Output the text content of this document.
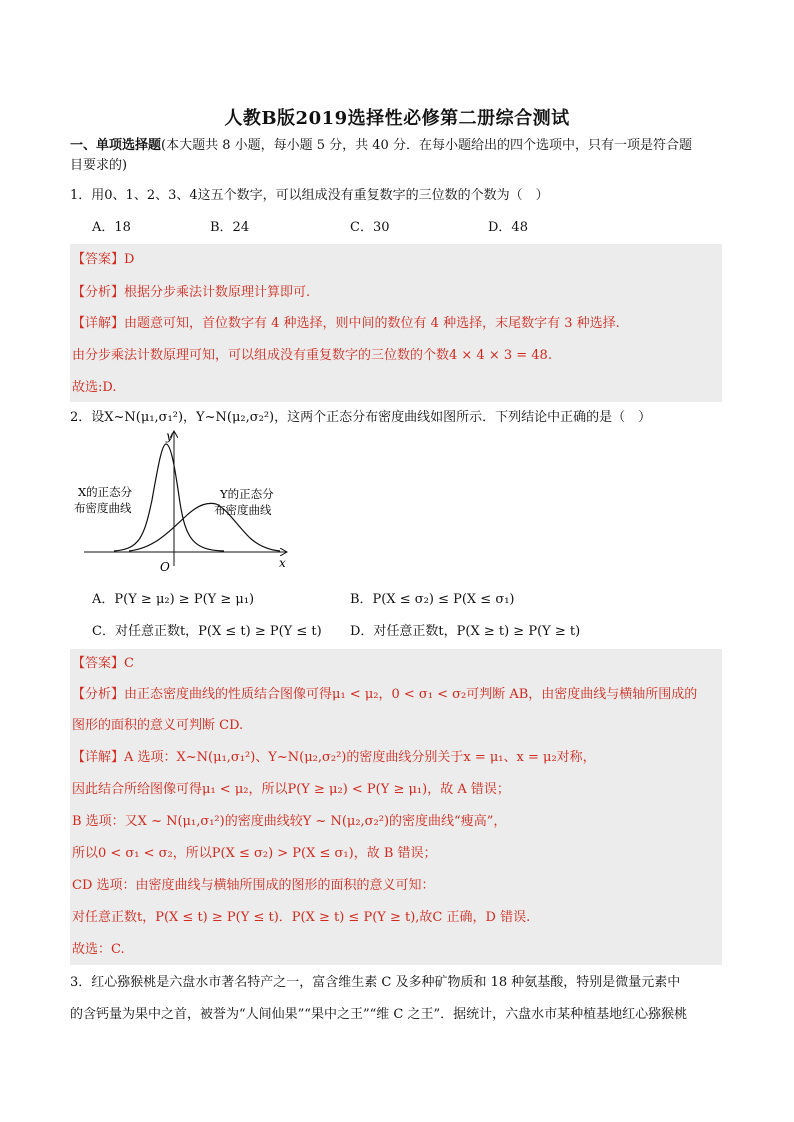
人教B版2019选择性必修第二册综合测试
一、单项选择题(本大题共 8 小题，每小题 5 分，共 40 分．在每小题给出的四个选项中，只有一项是符合题
目要求的)
1．用0、1、2、3、4这五个数字，可以组成没有重复数字的三位数的个数为（　）
A．18	B．24	C．30	D．48
【答案】D
【分析】根据分步乘法计数原理计算即可.
【详解】由题意可知，首位数字有 4 种选择，则中间的数位有 4 种选择，末尾数字有 3 种选择.
由分步乘法计数原理可知，可以组成没有重复数字的三位数的个数4 × 4 × 3 = 48.
故选:D.
2．设X~N(μ₁,σ₁²)，Y~N(μ₂,σ₂²)，这两个正态分布密度曲线如图所示．下列结论中正确的是（　）
y
x
O
X的正态分
布密度曲线
Y的正态分
布密度曲线
A．P(Y ≥ μ₂) ≥ P(Y ≥ μ₁)	B．P(X ≤ σ₂) ≤ P(X ≤ σ₁)
C．对任意正数t，P(X ≤ t) ≥ P(Y ≤ t) D．对任意正数t，P(X ≥ t) ≥ P(Y ≥ t)
【答案】C
【分析】由正态密度曲线的性质结合图像可得μ₁ < μ₂，0 < σ₁ < σ₂可判断 AB，由密度曲线与横轴所围成的
图形的面积的意义可判断 CD.
【详解】A 选项：X~N(μ₁,σ₁²)、Y~N(μ₂,σ₂²)的密度曲线分别关于x = μ₁、x = μ₂对称，
因此结合所给图像可得μ₁ < μ₂，所以P(Y ≥ μ₂) < P(Y ≥ μ₁)，故 A 错误；
B 选项：又X ~ N(μ₁,σ₁²)的密度曲线较Y ~ N(μ₂,σ₂²)的密度曲线“瘦高”，
所以0 < σ₁ < σ₂，所以P(X ≤ σ₂) > P(X ≤ σ₁)，故 B 错误；
CD 选项：由密度曲线与横轴所围成的图形的面积的意义可知：
对任意正数t，P(X ≤ t) ≥ P(Y ≤ t)．P(X ≥ t) ≤ P(Y ≥ t),故C 正确，D 错误.
故选：C.
3．红心猕猴桃是六盘水市著名特产之一，富含维生素 C 及多种矿物质和 18 种氨基酸，特别是微量元素中
的含钙量为果中之首，被誉为“人间仙果”“果中之王”“维 C 之王”．据统计，六盘水市某种植基地红心猕猴桃
